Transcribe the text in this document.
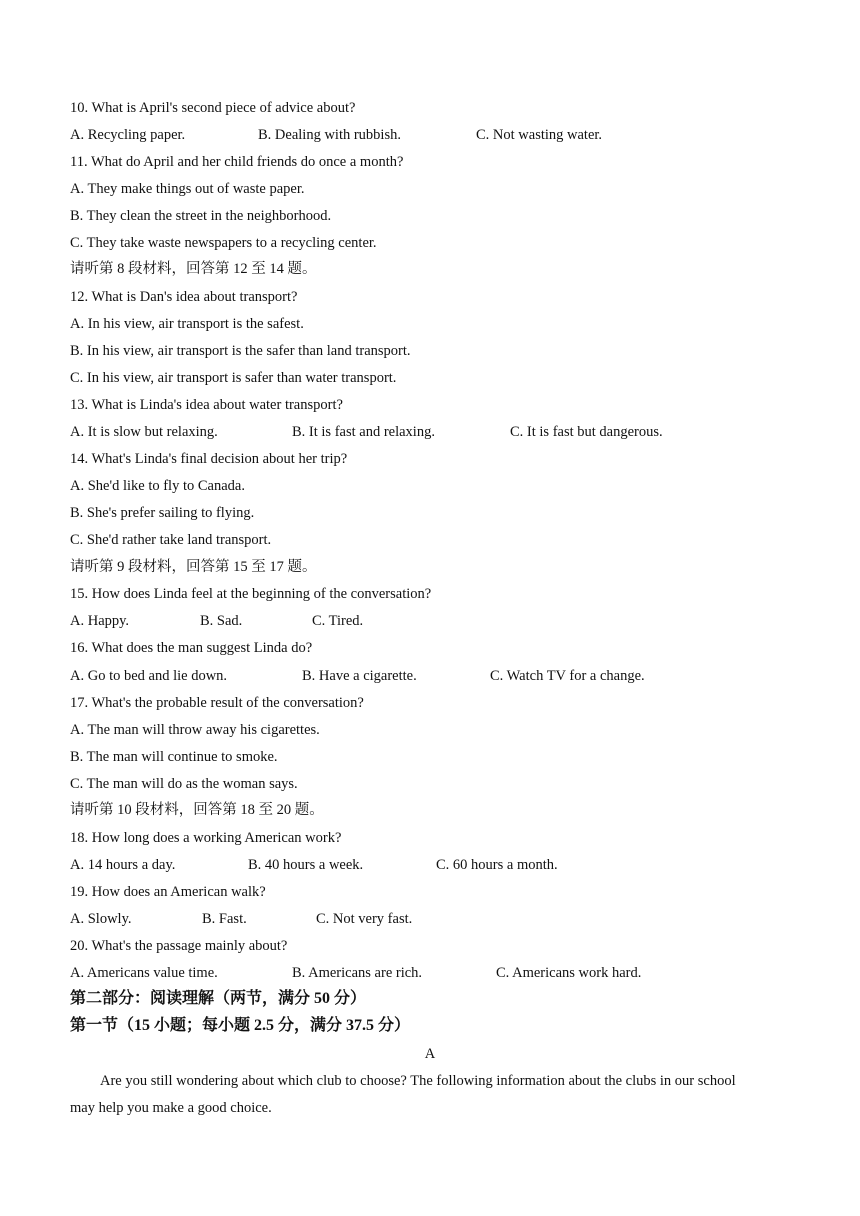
10. What is April's second piece of advice about?
A. Recycling paper.	B. Dealing with rubbish.	C. Not wasting water.
11. What do April and her child friends do once a month?
A. They make things out of waste paper.
B. They clean the street in the neighborhood.
C. They take waste newspapers to a recycling center.
请听第 8 段材料，回答第 12 至 14 题。
12. What is Dan's idea about transport?
A. In his view, air transport is the safest.
B. In his view, air transport is the safer than land transport.
C. In his view, air transport is safer than water transport.
13. What is Linda's idea about water transport?
A. It is slow but relaxing.	B. It is fast and relaxing.	C. It is fast but dangerous.
14. What's Linda's final decision about her trip?
A. She'd like to fly to Canada.
B. She's prefer sailing to flying.
C. She'd rather take land transport.
请听第 9 段材料，回答第 15 至 17 题。
15. How does Linda feel at the beginning of the conversation?
A. Happy.	B. Sad.	C. Tired.
16. What does the man suggest Linda do?
A. Go to bed and lie down.	B. Have a cigarette.	C. Watch TV for a change.
17. What's the probable result of the conversation?
A. The man will throw away his cigarettes.
B. The man will continue to smoke.
C. The man will do as the woman says.
请听第 10 段材料，回答第 18 至 20 题。
18. How long does a working American work?
A. 14 hours a day.	B. 40 hours a week.	C. 60 hours a month.
19. How does an American walk?
A. Slowly.	B. Fast.	C. Not very fast.
20. What's the passage mainly about?
A. Americans value time.	B. Americans are rich.	C. Americans work hard.
第二部分：阅读理解（两节，满分 50 分）
第一节（15 小题；每小题 2.5 分，满分 37.5 分）
A
Are you still wondering about which club to choose? The following information about the clubs in our school
may help you make a good choice.
